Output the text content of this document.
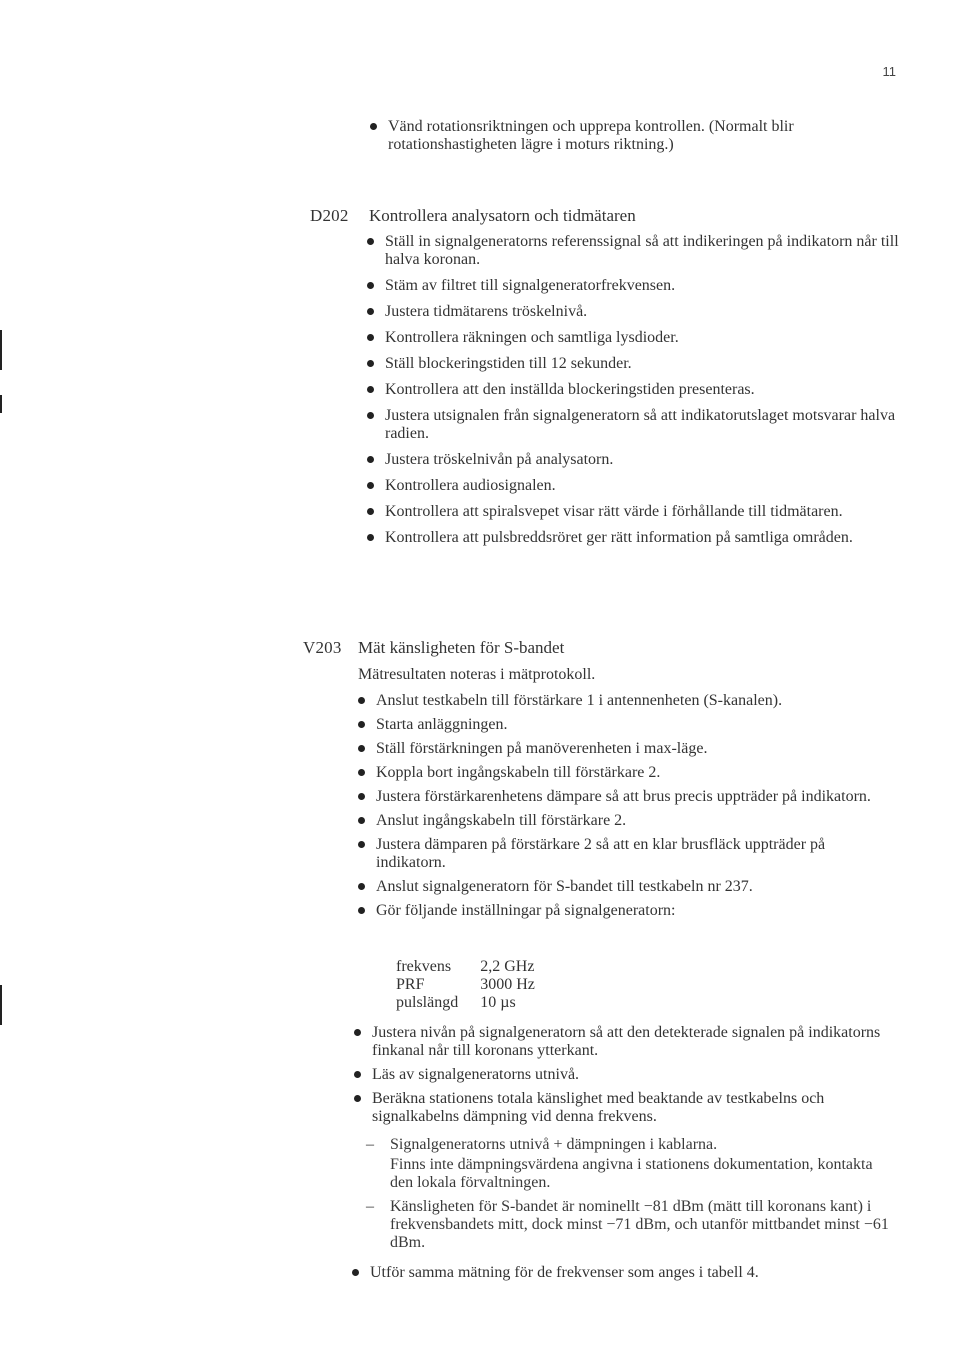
11
Vänd rotationsriktningen och upprepa kontrollen. (Normalt blir rotationshastigheten lägre i moturs riktning.)
D202 Kontrollera analysatorn och tidmätaren
Ställ in signalgeneratorns referenssignal så att indikeringen på indikatorn når till halva koronan.
Stäm av filtret till signalgeneratorfrekvensen.
Justera tidmätarens tröskelnivå.
Kontrollera räkningen och samtliga lysdioder.
Ställ blockeringstiden till 12 sekunder.
Kontrollera att den inställda blockeringstiden presenteras.
Justera utsignalen från signalgeneratorn så att indikatorutslaget motsvarar halva radien.
Justera tröskelnivån på analysatorn.
Kontrollera audiosignalen.
Kontrollera att spiralsvepet visar rätt värde i förhållande till tidmätaren.
Kontrollera att pulsbreddsröret ger rätt information på samtliga områden.
V203 Mät känsligheten för S-bandet
Mätresultaten noteras i mätprotokoll.
Anslut testkabeln till förstärkare 1 i antennenheten (S-kanalen).
Starta anläggningen.
Ställ förstärkningen på manöverenheten i max-läge.
Koppla bort ingångskabeln till förstärkare 2.
Justera förstärkarenhetens dämpare så att brus precis uppträder på indikatorn.
Anslut ingångskabeln till förstärkare 2.
Justera dämparen på förstärkare 2 så att en klar brusfläck uppträder på indikatorn.
Anslut signalgeneratorn för S-bandet till testkabeln nr 237.
Gör följande inställningar på signalgeneratorn:
frekvens	2,2 GHz
PRF	3000 Hz
pulslängd	10 µs
Justera nivån på signalgeneratorn så att den detekterade signalen på indikatorns finkanal når till koronans ytterkant.
Läs av signalgeneratorns utnivå.
Beräkna stationens totala känslighet med beaktande av testkabelns och signalkabelns dämpning vid denna frekvens.
– Signalgeneratorns utnivå + dämpningen i kablarna.
Finns inte dämpningsvärdena angivna i stationens dokumentation, kontakta den lokala förvaltningen.
– Känsligheten för S-bandet är nominellt −81 dBm (mätt till koronans kant) i frekvensbandets mitt, dock minst −71 dBm, och utanför mittbandet minst −61 dBm.
Utför samma mätning för de frekvenser som anges i tabell 4.
